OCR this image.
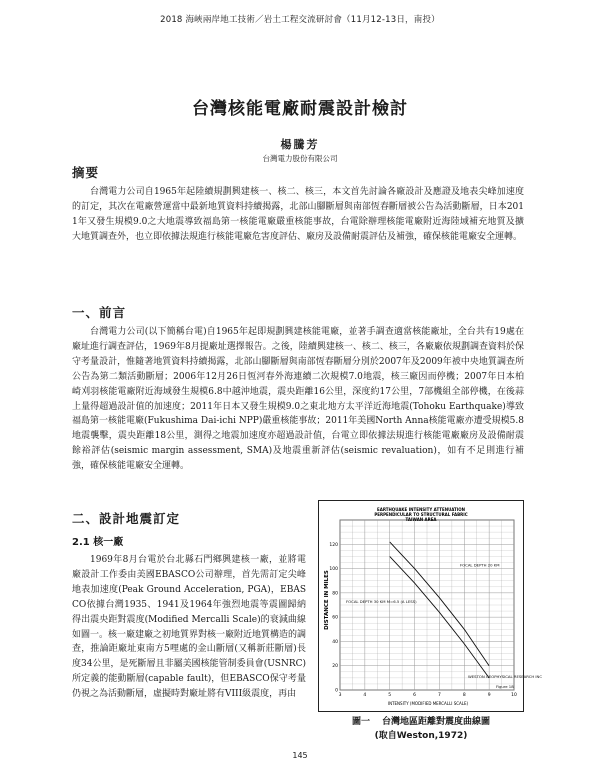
2018 海峽兩岸地工技術／岩土工程交流研討會（11月12-13日，南投）
台灣核能電廠耐震設計檢討
楊騰芳
台灣電力股份有限公司
摘要

台灣電力公司自1965年起陸續規劃興建核一、核二、核三，本文首先討論各廠設計及應證及地表尖峰加速度的訂定，其次在電廠營運當中最新地質資料持續揭露，北部山腳斷層與南部恆春斷層被公告為活動斷層，日本2011年又發生規模9.0之大地震導致福島第一核能電廠嚴重核能事故，台電除辦理核能電廠附近海陸域補充地質及擴大地質調查外，也立即依據法規進行核能電廠危害度評估、廠房及設備耐震評估及補強，確保核能電廠安全運轉。

一、前言

台灣電力公司(以下簡稱台電)自1965年起即規劃興建核能電廠，並著手調查適當核能廠址，全台共有19處在廠址進行調查評估，1969年8月提廠址選擇報告。之後，陸續興建核一、核二、核三，各廠廠依規劃調查資料於保守考量設計，惟隨著地質資料持續揭露，北部山腳斷層與南部恆春斷層分別於2007年及2009年被中央地質調查所公告為第二類活動斷層；2006年12月26日恆河春外海連續二次規模7.0地震，核三廠因而停機；2007年日本柏崎刈羽核能電廠附近海域發生規模6.8中越沖地震，震央距離16公里，深度約17公里，7部機組全部停機，在後蒜上量得超過設計值的加速度；2011年日本又發生規模9.0之東北地方太平洋近海地震(Tohoku Earthquake)導致福島第一核能電廠(Fukushima Dai-ichi NPP)嚴重核能事故；2011年美國North Anna核能電廠亦遭受規模5.8地震襲擊，震央距離18公里，測得之地震加速度亦超過設計值，台電立即依據法規進行核能電廠廠房及設備耐震餘裕評估(seismic margin assessment, SMA)及地震重新評估(seismic revaluation)，如有不足則進行補強，確保核能電廠安全運轉。

二、設計地震訂定
2.1 核一廠

1969年8月台電於台北縣石門鄉興建核一廠，並將電廠設計工作委由美國EBASCO公司辦理，首先需訂定尖峰地表加速度(Peak Ground Acceleration, PGA)，EBASCO依據台灣1935、1941及1964年強烈地震等震圖歸納得出震央距對震度(Modified Mercalli Scale)的衰減曲線如圖一。核一廠建廠之初地質界對核一廠附近地質構造的調查，推論距廠址東南方5哩處的金山斷層(又稱新莊斷層)長度34公里，是死斷層且非屬美國核能管制委員會(USNRC)所定義的能動斷層(capable fault)，但EBASCO保守考量仍視之為活動斷層，虛擬時對廠址將有VIII級震度，再由

EARTHQUAKE INTENSITY ATTENUATION PERPENDICULAR TO STRUCTURAL FABRIC TAIWAN AREA
DISTANCE IN MILES
INTENSITY (MODIFIED MERCALLI SCALE)
3	4	5	6	7	8	9	10
0
20
40
60
80
100
120
FOCAL DEPTH 20 KM
FOCAL DEPTH 30 KM M=6.5 (A LESS)
WESTON GEOPHYSICAL RESEARCH INC
Figure 18
圖一 台灣地區距離對震度曲線圖
(取自Weston,1972)
145
